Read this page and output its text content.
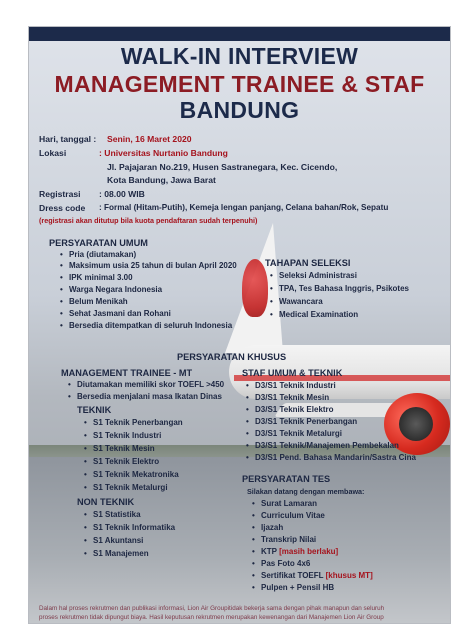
WALK-IN INTERVIEW
MANAGEMENT TRAINEE & STAF
BANDUNG
Hari, tanggal : Senin, 16 Maret 2020
Lokasi	: Universitas Nurtanio Bandung
Jl. Pajajaran No.219, Husen Sastranegara, Kec. Cicendo,
Kota Bandung, Jawa Barat
Registrasi : 08.00 WIB
Dress code : Formal (Hitam-Putih), Kemeja lengan panjang, Celana bahan/Rok, Sepatu
(registrasi akan ditutup bila kuota pendaftaran sudah terpenuhi)
PERSYARATAN UMUM
• Pria (diutamakan)
• Maksimum usia 25 tahun di bulan April 2020
• IPK minimal 3.00
• Warga Negara Indonesia
• Belum Menikah
• Sehat Jasmani dan Rohani
• Bersedia ditempatkan di seluruh Indonesia
TAHAPAN SELEKSI
• Seleksi Administrasi
• TPA, Tes Bahasa Inggris, Psikotes
• Wawancara
• Medical Examination
PERSYARATAN KHUSUS
MANAGEMENT TRAINEE - MT
• Diutamakan memiliki skor TOEFL >450
• Bersedia menjalani masa Ikatan Dinas
TEKNIK
• S1 Teknik Penerbangan
• S1 Teknik Industri
• S1 Teknik Mesin
• S1 Teknik Elektro
• S1 Teknik Mekatronika
• S1 Teknik Metalurgi
NON TEKNIK
• S1 Statistika
• S1 Teknik Informatika
• S1 Akuntansi
• S1 Manajemen
STAF UMUM & TEKNIK
• D3/S1 Teknik Industri
• D3/S1 Teknik Mesin
• D3/S1 Teknik Elektro
• D3/S1 Teknik Penerbangan
• D3/S1 Teknik Metalurgi
• D3/S1 Teknik/Manajemen Pembekalan
• D3/S1 Pend. Bahasa Mandarin/Sastra Cina
PERSYARATAN TES
Silakan datang dengan membawa:
• Surat Lamaran
• Curriculum Vitae
• Ijazah
• Transkrip Nilai
• KTP [masih berlaku]
• Pas Foto 4x6
• Sertifikat TOEFL [khusus MT]
• Pulpen + Pensil HB
Dalam hal proses rekrutmen dan publikasi informasi, Lion Air Groupitidak bekerja sama dengan pihak manapun dan seluruh
proses rekrutmen tidak dipungut biaya. Hasil keputusan rekrutmen merupakan kewenangan dari Manajemen Lion Air Group
